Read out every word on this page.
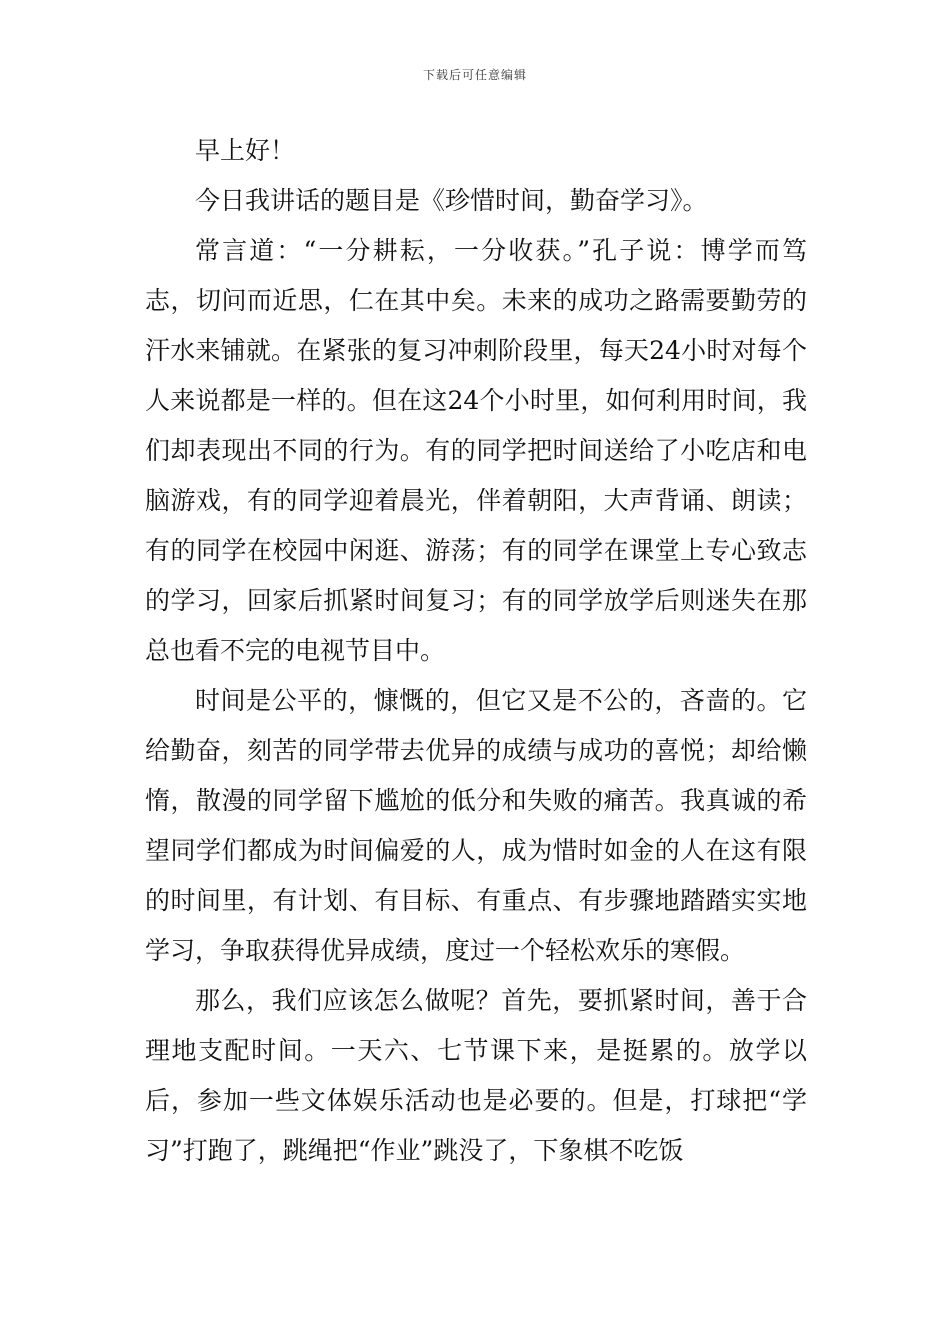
下载后可任意编辑

早上好！

今日我讲话的题目是《珍惜时间，勤奋学习》。

常言道：“一分耕耘，一分收获。”孔子说：博学而笃志，切问而近思，仁在其中矣。未来的成功之路需要勤劳的汗水来铺就。在紧张的复习冲刺阶段里，每天24小时对每个人来说都是一样的。但在这24个小时里，如何利用时间，我们却表现出不同的行为。有的同学把时间送给了小吃店和电脑游戏，有的同学迎着晨光，伴着朝阳，大声背诵、朗读；有的同学在校园中闲逛、游荡；有的同学在课堂上专心致志的学习，回家后抓紧时间复习；有的同学放学后则迷失在那总也看不完的电视节目中。

时间是公平的，慷慨的，但它又是不公的，吝啬的。它给勤奋，刻苦的同学带去优异的成绩与成功的喜悦；却给懒惰，散漫的同学留下尴尬的低分和失败的痛苦。我真诚的希望同学们都成为时间偏爱的人，成为惜时如金的人在这有限的时间里，有计划、有目标、有重点、有步骤地踏踏实实地学习，争取获得优异成绩，度过一个轻松欢乐的寒假。

那么，我们应该怎么做呢？首先，要抓紧时间，善于合理地支配时间。一天六、七节课下来，是挺累的。放学以后，参加一些文体娱乐活动也是必要的。但是，打球把“学习”打跑了，跳绳把“作业”跳没了，下象棋不吃饭
